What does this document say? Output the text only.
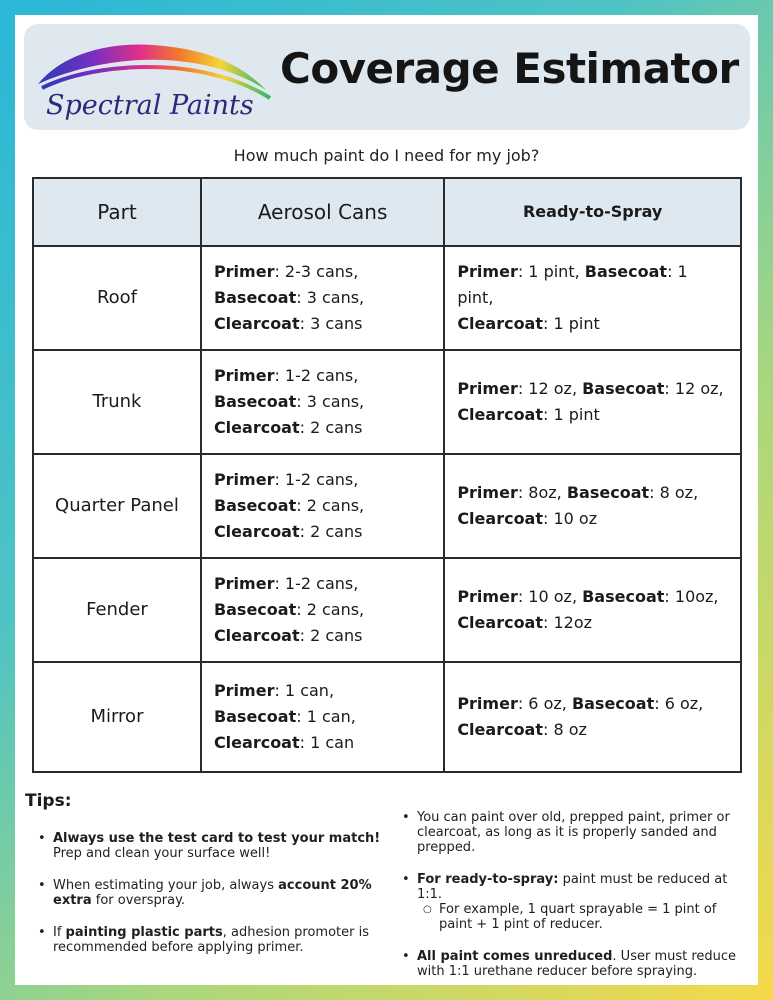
Spectral Paints
Coverage Estimator
How much paint do I need for my job?
Part	Aerosol Cans	Ready-to-Spray
Roof	Primer: 2-3 cans,
Basecoat: 3 cans,
Clearcoat: 3 cans	Primer: 1 pint, Basecoat: 1 pint,
Clearcoat: 1 pint
Trunk	Primer: 1-2 cans,
Basecoat: 3 cans,
Clearcoat: 2 cans	Primer: 12 oz, Basecoat: 12 oz,
Clearcoat: 1 pint
Quarter Panel	Primer: 1-2 cans,
Basecoat: 2 cans,
Clearcoat: 2 cans	Primer: 8oz, Basecoat: 8 oz,
Clearcoat: 10 oz
Fender	Primer: 1-2 cans,
Basecoat: 2 cans,
Clearcoat: 2 cans	Primer: 10 oz, Basecoat: 10oz,
Clearcoat: 12oz
Mirror	Primer: 1 can,
Basecoat: 1 can,
Clearcoat: 1 can	Primer: 6 oz, Basecoat: 6 oz,
Clearcoat: 8 oz
Tips:
• Always use the test card to test your match! Prep and clean your surface well!
• When estimating your job, always account 20% extra for overspray.
• If painting plastic parts, adhesion promoter is recommended before applying primer.
• You can paint over old, prepped paint, primer or clearcoat, as long as it is properly sanded and prepped.
• For ready-to-spray: paint must be reduced at 1:1.
○ For example, 1 quart sprayable = 1 pint of paint + 1 pint of reducer.
• All paint comes unreduced. User must reduce with 1:1 urethane reducer before spraying.
